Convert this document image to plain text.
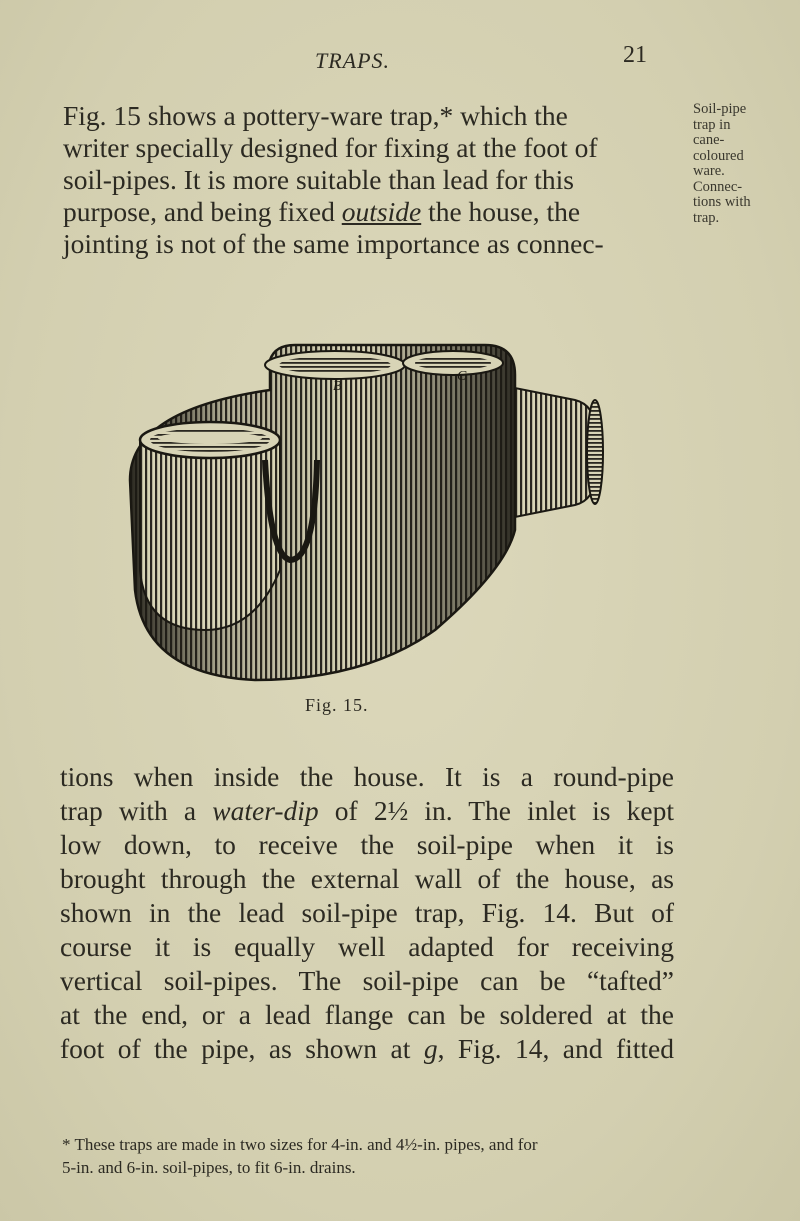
TRAPS.	21

Fig. 15 shows a pottery-ware trap,* which the
writer specially designed for fixing at the foot of
soil-pipes. It is more suitable than lead for this
purpose, and being fixed outside the house, the
jointing is not of the same importance as connec-

Soil-pipe
trap in
cane-
coloured
ware.
Connec-
tions with
trap.
B
C
Fig. 15.

tions when inside the house. It is a round-pipe
trap with a water-dip of 2½ in. The inlet is kept
low down, to receive the soil-pipe when it is
brought through the external wall of the house, as
shown in the lead soil-pipe trap, Fig. 14. But of
course it is equally well adapted for receiving
vertical soil-pipes. The soil-pipe can be “tafted”
at the end, or a lead flange can be soldered at the
foot of the pipe, as shown at g, Fig. 14, and fitted

* These traps are made in two sizes for 4-in. and 4½-in. pipes, and for
5-in. and 6-in. soil-pipes, to fit 6-in. drains.
